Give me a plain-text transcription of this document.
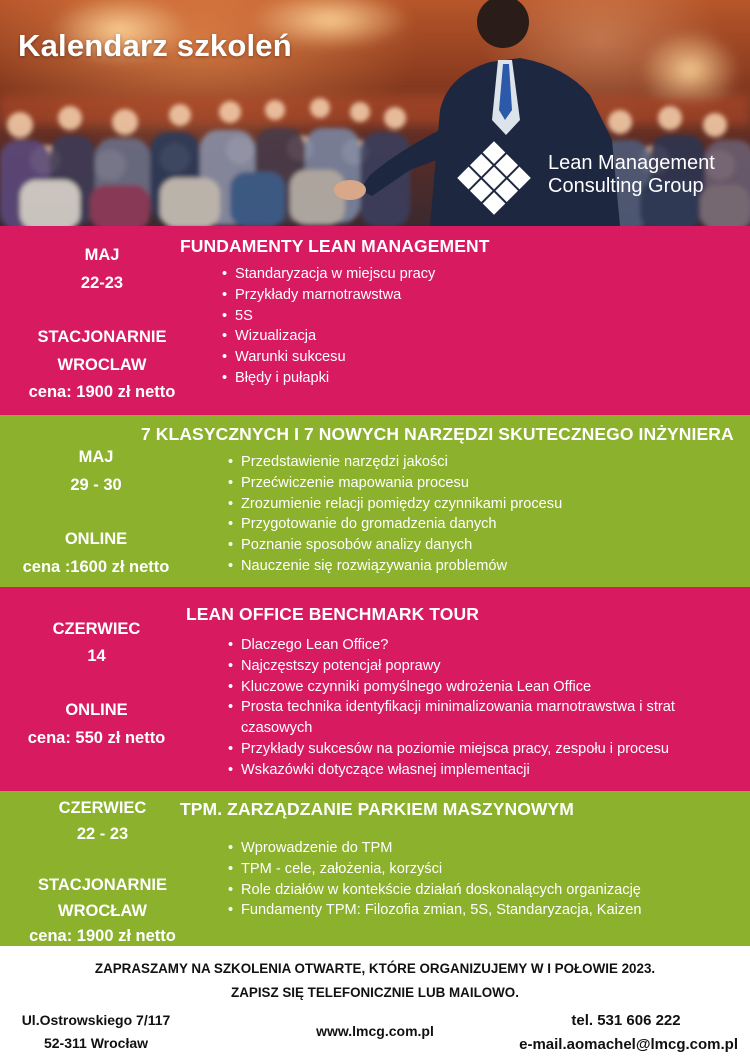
Kalendarz szkoleń
Lean Management
Consulting Group
MAJ
22-23
STACJONARNIE
WROCLAW
cena: 1900 zł netto
FUNDAMENTY LEAN MANAGEMENT
• Standaryzacja w miejscu pracy
• Przykłady marnotrawstwa
• 5S
• Wizualizacja
• Warunki sukcesu
• Błędy i pułapki
MAJ
29 - 30
ONLINE
cena :1600 zł netto
7 KLASYCZNYCH I 7 NOWYCH NARZĘDZI SKUTECZNEGO INŻYNIERA
• Przedstawienie narzędzi jakości
• Przećwiczenie mapowania procesu
• Zrozumienie relacji pomiędzy czynnikami procesu
• Przygotowanie do gromadzenia danych
• Poznanie sposobów analizy danych
• Nauczenie się rozwiązywania problemów
CZERWIEC
14
ONLINE
cena: 550 zł netto
LEAN OFFICE BENCHMARK TOUR
• Dlaczego Lean Office?
• Najczęstszy potencjał poprawy
• Kluczowe czynniki pomyślnego wdrożenia Lean Office
• Prosta technika identyfikacji minimalizowania marnotrawstwa i strat czasowych
• Przykłady sukcesów na poziomie miejsca pracy, zespołu i procesu
• Wskazówki dotyczące własnej implementacji
CZERWIEC
22 - 23
STACJONARNIE
WROCŁAW
cena: 1900 zł netto
TPM. ZARZĄDZANIE PARKIEM MASZYNOWYM
• Wprowadzenie do TPM
• TPM - cele, założenia, korzyści
• Role działów w kontekście działań doskonalących organizację
• Fundamenty TPM: Filozofia zmian, 5S, Standaryzacja, Kaizen
ZAPRASZAMY NA SZKOLENIA OTWARTE, KTÓRE ORGANIZUJEMY W I POŁOWIE 2023.
ZAPISZ SIĘ TELEFONICZNIE LUB MAILOWO.
Ul.Ostrowskiego 7/117
52-311 Wrocław
www.lmcg.com.pl
tel. 531 606 222
e-mail.aomachel@lmcg.com.pl
